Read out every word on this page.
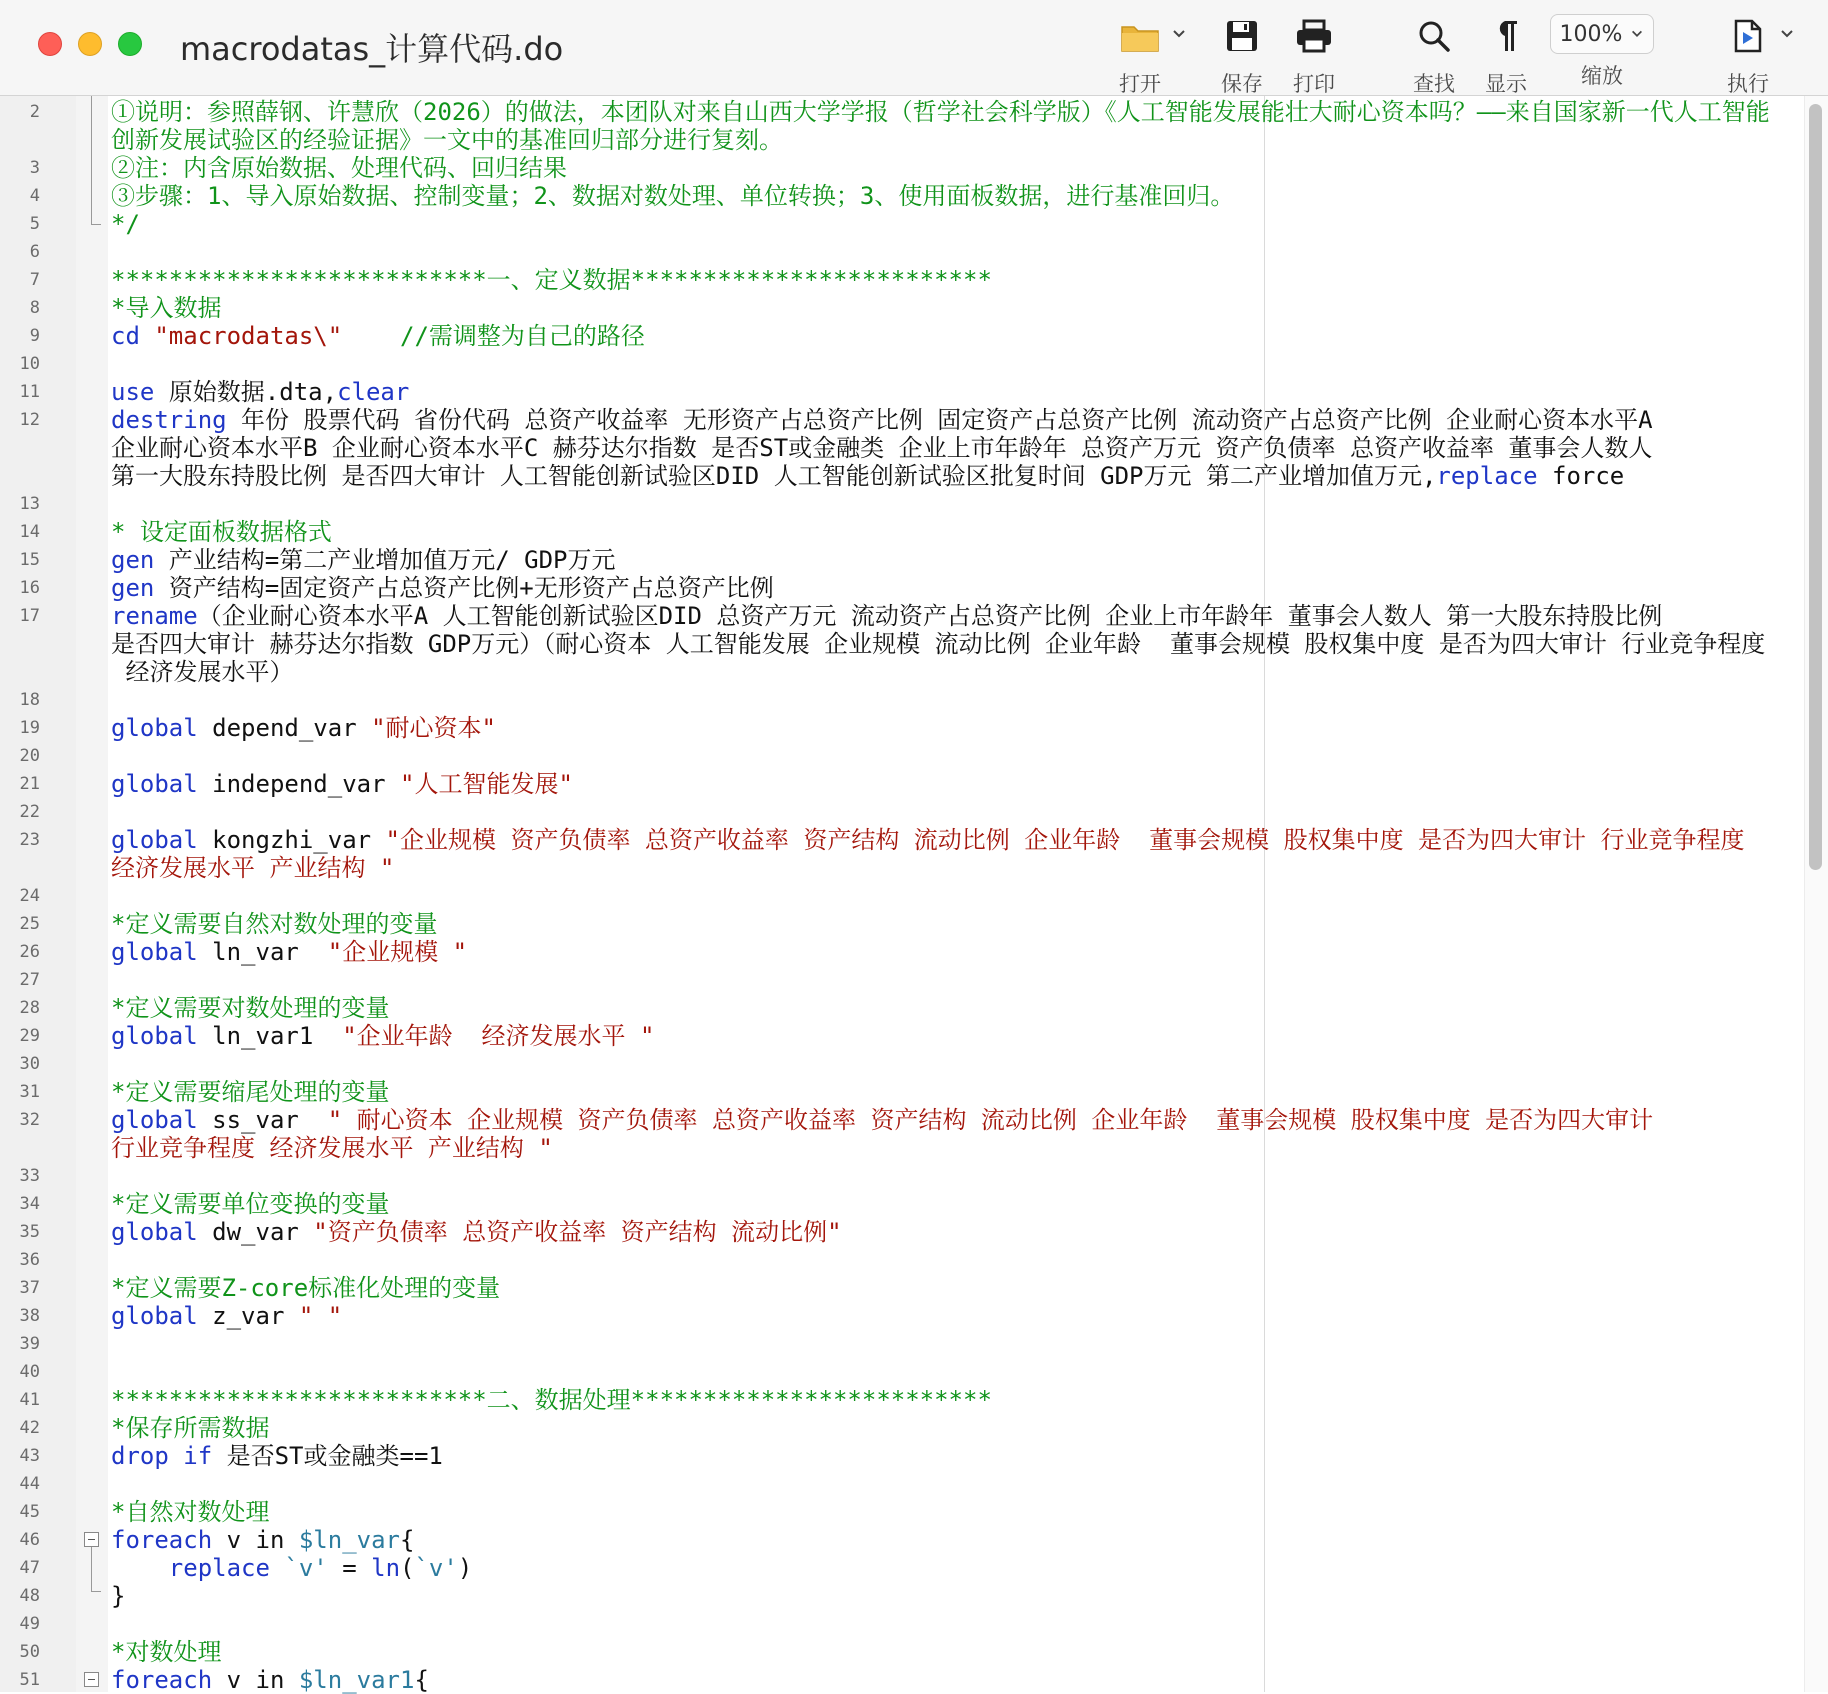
macrodatas_计算代码.do
打开	保存	打印	查找	显示
100%
缩放	执行
2	①说明：参照薛钢、许慧欣（2026）的做法，本团队对来自山西大学学报（哲学社会科学版）《人工智能发展能壮大耐心资本吗？——来自国家新一代人工智能
创新发展试验区的经验证据》一文中的基准回归部分进行复刻。
3	②注：内含原始数据、处理代码、回归结果
4	③步骤：1、导入原始数据、控制变量；2、数据对数处理、单位转换；3、使用面板数据，进行基准回归。
5	*/
6
7	**************************一、定义数据*************************
8	*导入数据
9	cd "macrodatas\" //需调整为自己的路径
10
11	use 原始数据.dta,clear
12	destring 年份 股票代码 省份代码 总资产收益率 无形资产占总资产比例 固定资产占总资产比例 流动资产占总资产比例 企业耐心资本水平A
企业耐心资本水平B 企业耐心资本水平C 赫芬达尔指数 是否ST或金融类 企业上市年龄年 总资产万元 资产负债率 总资产收益率 董事会人数人
第一大股东持股比例 是否四大审计 人工智能创新试验区DID 人工智能创新试验区批复时间 GDP万元 第二产业增加值万元,replace force
13
14	* 设定面板数据格式
15	gen 产业结构=第二产业增加值万元/ GDP万元
16	gen 资产结构=固定资产占总资产比例+无形资产占总资产比例
17	rename（企业耐心资本水平A 人工智能创新试验区DID 总资产万元 流动资产占总资产比例 企业上市年龄年 董事会人数人 第一大股东持股比例
是否四大审计 赫芬达尔指数 GDP万元）（耐心资本 人工智能发展 企业规模 流动比例 企业年龄  董事会规模 股权集中度 是否为四大审计 行业竞争程度
经济发展水平）
18
19	global depend_var "耐心资本"
20
21	global independ_var "人工智能发展"
22
23	global kongzhi_var "企业规模 资产负债率 总资产收益率 资产结构 流动比例 企业年龄  董事会规模 股权集中度 是否为四大审计 行业竞争程度
经济发展水平 产业结构 "
24
25	*定义需要自然对数处理的变量
26	global ln_var  "企业规模 "
27
28	*定义需要对数处理的变量
29	global ln_var1  "企业年龄  经济发展水平 "
30
31	*定义需要缩尾处理的变量
32	global ss_var  " 耐心资本 企业规模 资产负债率 总资产收益率 资产结构 流动比例 企业年龄  董事会规模 股权集中度 是否为四大审计
行业竞争程度 经济发展水平 产业结构 "
33
34	*定义需要单位变换的变量
35	global dw_var "资产负债率 总资产收益率 资产结构 流动比例"
36
37	*定义需要Z-core标准化处理的变量
38	global z_var " "
39
40
41	**************************二、数据处理*************************
42	*保存所需数据
43	drop if 是否ST或金融类==1
44
45	*自然对数处理
46	foreach v in $ln_var{
47	replace `v' = ln(`v')
48	}
49
50	*对数处理
51	foreach v in $ln_var1{
